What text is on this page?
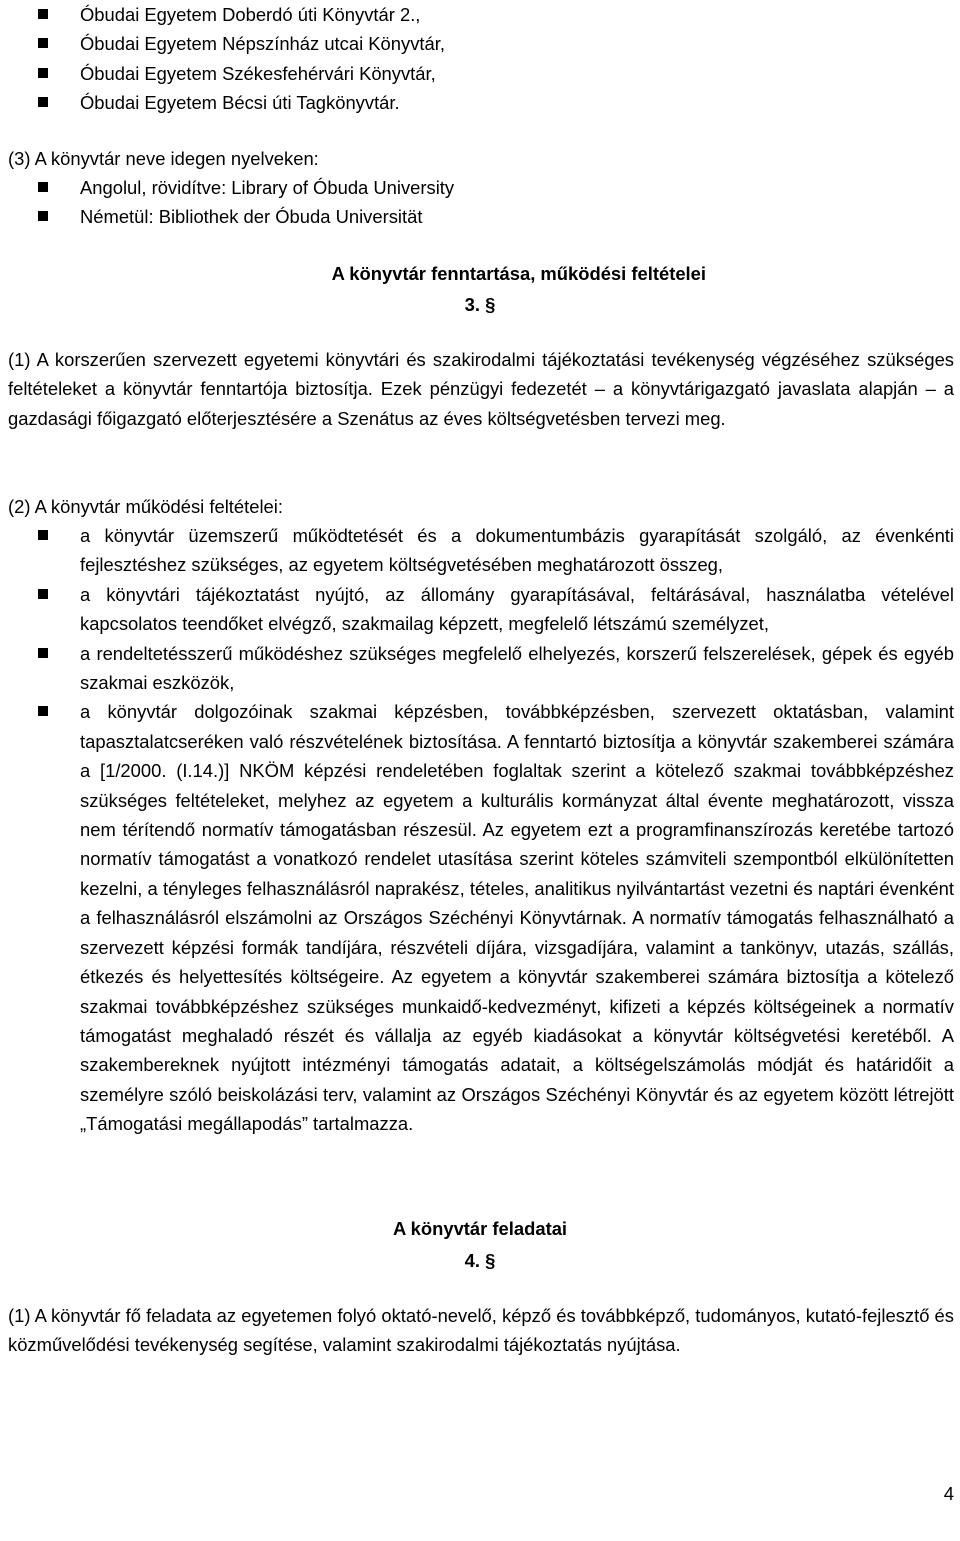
Óbudai Egyetem Doberdó úti Könyvtár 2.,
Óbudai Egyetem Népszínház utcai Könyvtár,
Óbudai Egyetem Székesfehérvári Könyvtár,
Óbudai Egyetem Bécsi úti Tagkönyvtár.

(3) A könyvtár neve idegen nyelveken:

Angolul, rövidítve: Library of Óbuda University
Németül: Bibliothek der Óbuda Universität

A könyvtár fenntartása, működési feltételei

3. §

(1) A korszerűen szervezett egyetemi könyvtári és szakirodalmi tájékoztatási tevékenység végzéséhez szükséges feltételeket a könyvtár fenntartója biztosítja. Ezek pénzügyi fedezetét – a könyvtárigazgató javaslata alapján – a gazdasági főigazgató előterjesztésére a Szenátus az éves költségvetésben tervezi meg.

(2) A könyvtár működési feltételei:

a könyvtár üzemszerű működtetését és a dokumentumbázis gyarapítását szolgáló, az évenkénti fejlesztéshez szükséges, az egyetem költségvetésében meghatározott összeg,
a könyvtári tájékoztatást nyújtó, az állomány gyarapításával, feltárásával, használatba vételével kapcsolatos teendőket elvégző, szakmailag képzett, megfelelő létszámú személyzet,
a rendeltetésszerű működéshez szükséges megfelelő elhelyezés, korszerű felszerelések, gépek és egyéb szakmai eszközök,
a könyvtár dolgozóinak szakmai képzésben, továbbképzésben, szervezett oktatásban, valamint tapasztalatcseréken való részvételének biztosítása. A fenntartó biztosítja a könyvtár szakemberei számára a [1/2000. (I.14.)] NKÖM képzési rendeletében foglaltak szerint a kötelező szakmai továbbképzéshez szükséges feltételeket, melyhez az egyetem a kulturális kormányzat által évente meghatározott, vissza nem térítendő normatív támogatásban részesül. Az egyetem ezt a programfinanszírozás keretébe tartozó normatív támogatást a vonatkozó rendelet utasítása szerint köteles számviteli szempontból elkülönítetten kezelni, a tényleges felhasználásról naprakész, tételes, analitikus nyilvántartást vezetni és naptári évenként a felhasználásról elszámolni az Országos Széchényi Könyvtárnak. A normatív támogatás felhasználható a szervezett képzési formák tandíjára, részvételi díjára, vizsgadíjára, valamint a tankönyv, utazás, szállás, étkezés és helyettesítés költségeire. Az egyetem a könyvtár szakemberei számára biztosítja a kötelező szakmai továbbképzéshez szükséges munkaidő-kedvezményt, kifizeti a képzés költségeinek a normatív támogatást meghaladó részét és vállalja az egyéb kiadásokat a könyvtár költségvetési keretéből. A szakembereknek nyújtott intézményi támogatás adatait, a költségelszámolás módját és határidőit a személyre szóló beiskolázási terv, valamint az Országos Széchényi Könyvtár és az egyetem között létrejött „Támogatási megállapodás” tartalmazza.

A könyvtár feladatai

4. §

(1) A könyvtár fő feladata az egyetemen folyó oktató-nevelő, képző és továbbképző, tudományos, kutató-fejlesztő és közművelődési tevékenység segítése, valamint szakirodalmi tájékoztatás nyújtása.

4
